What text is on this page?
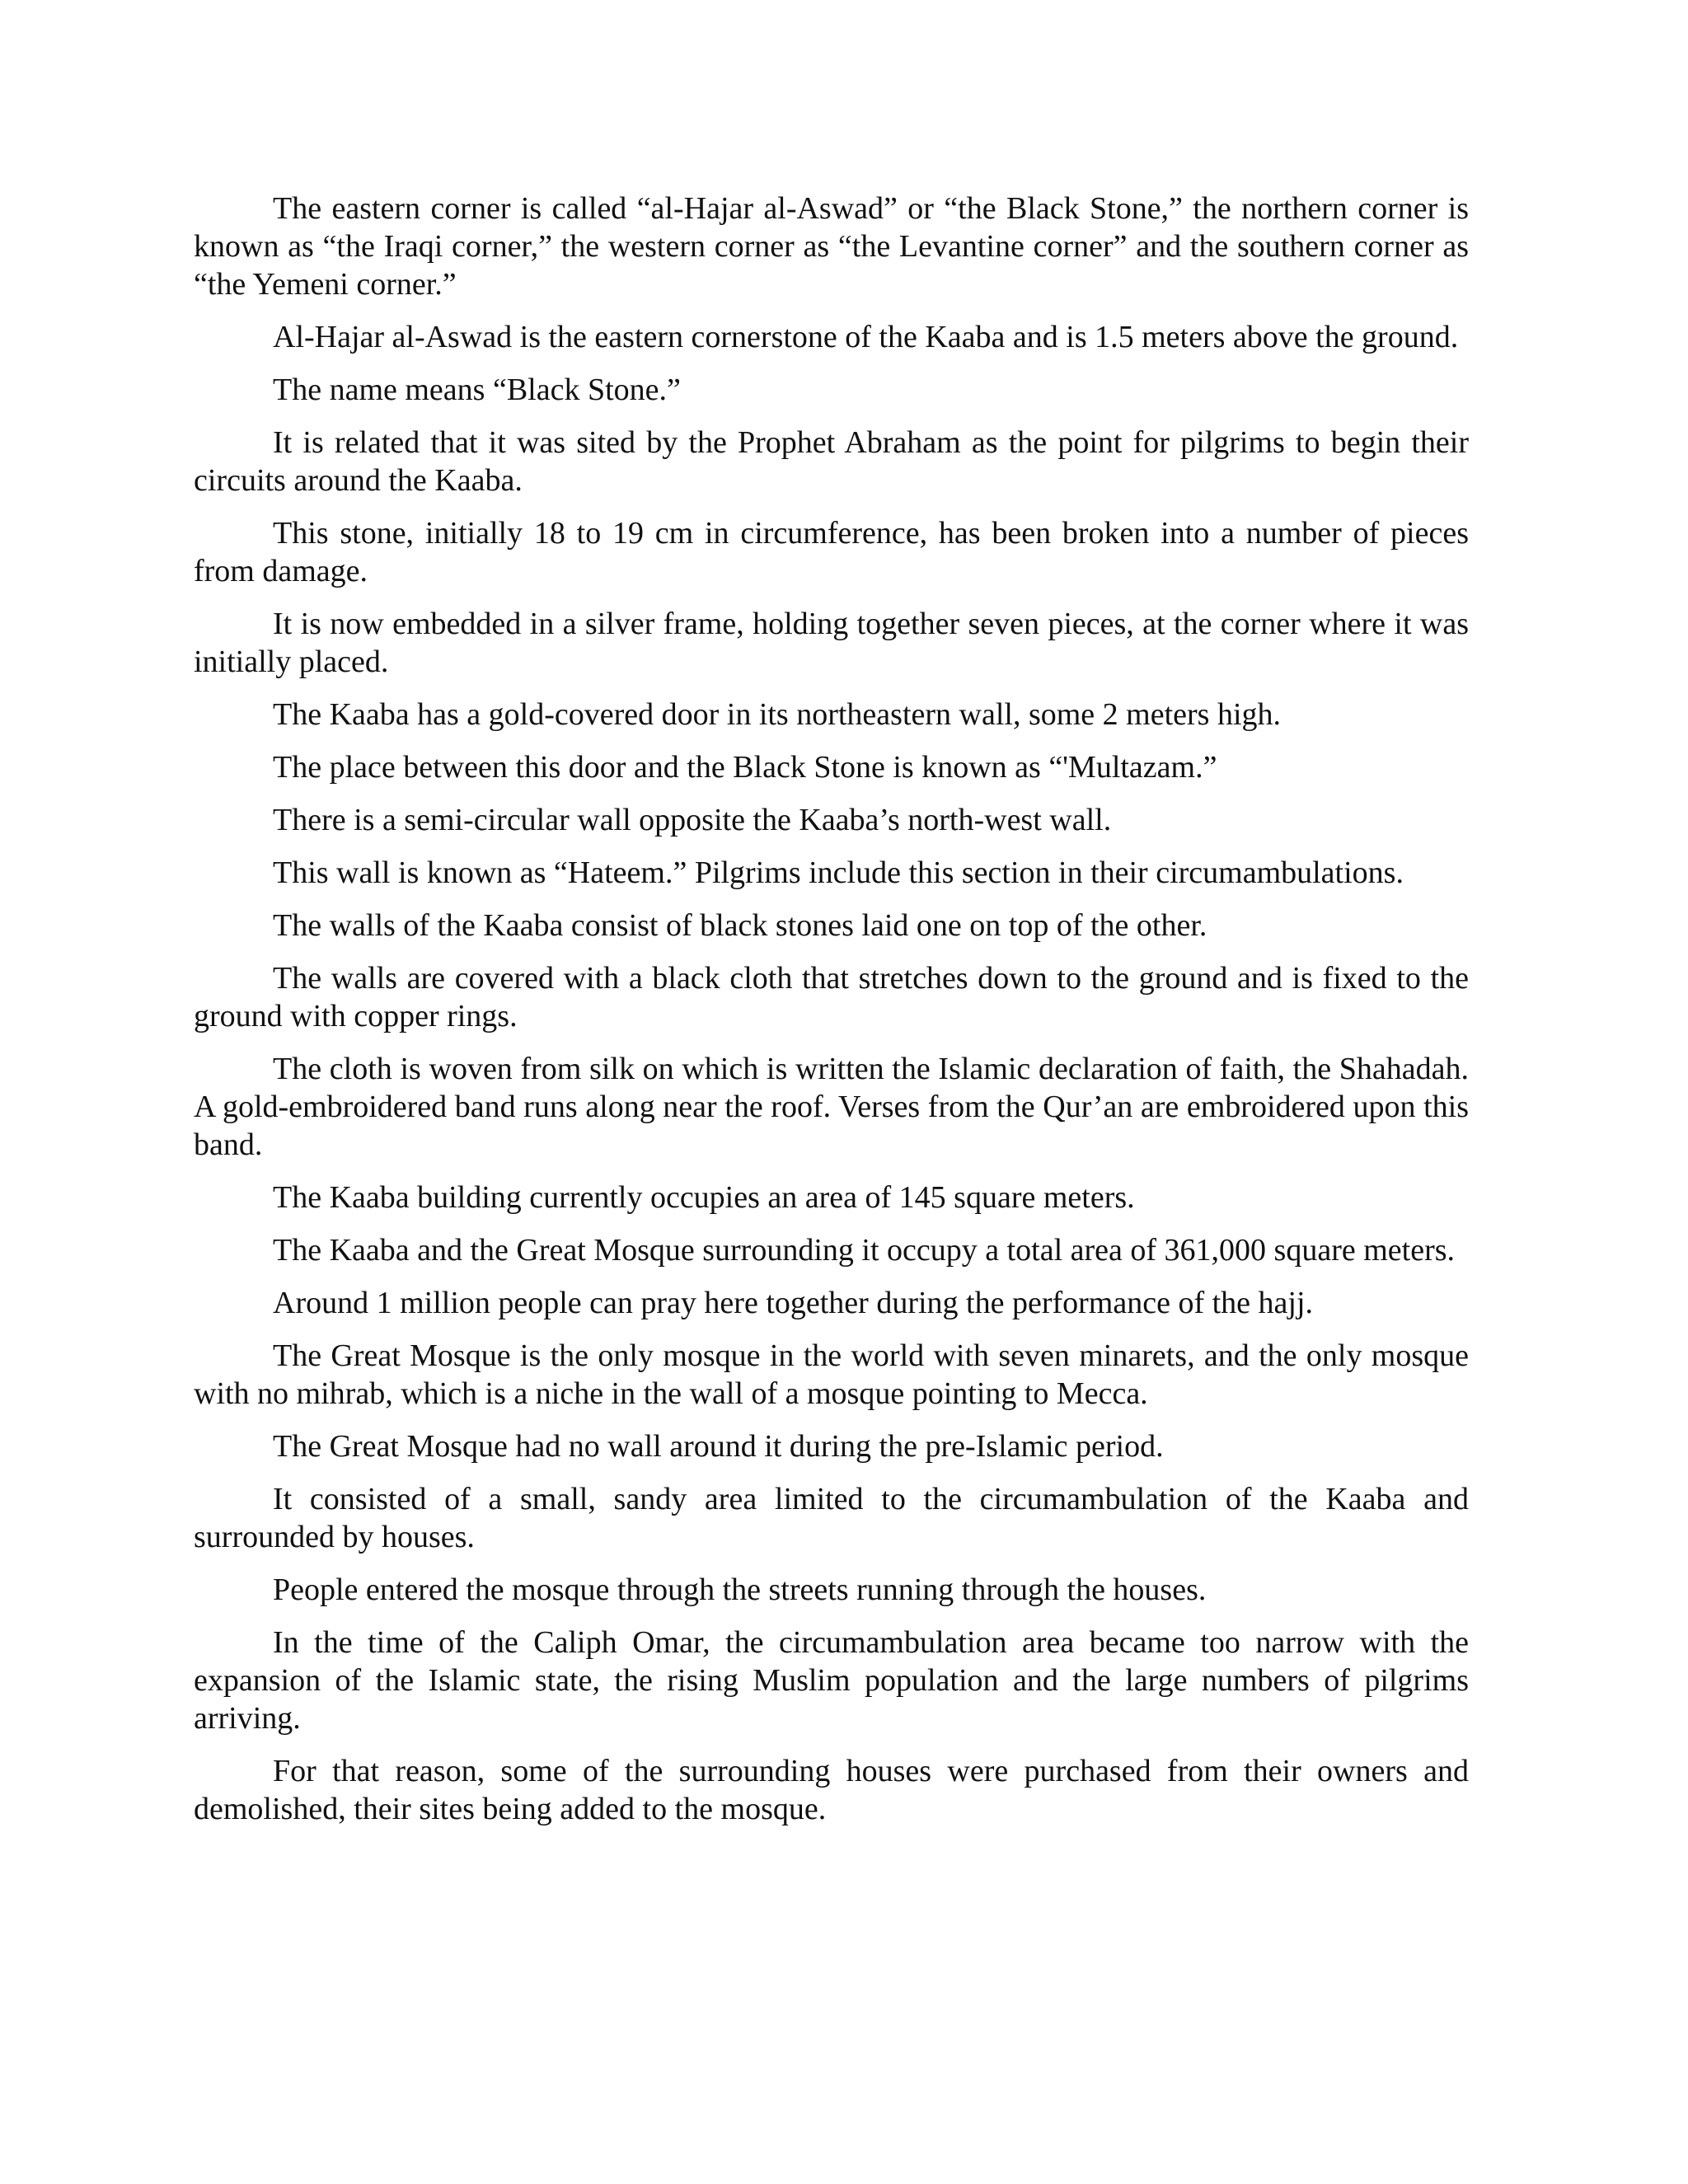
The eastern corner is called “al-Hajar al-Aswad” or “the Black Stone,” the northern corner is known as “the Iraqi corner,” the western corner as “the Levantine corner” and the southern corner as “the Yemeni corner.”

Al-Hajar al-Aswad is the eastern cornerstone of the Kaaba and is 1.5 meters above the ground.

The name means “Black Stone.”

It is related that it was sited by the Prophet Abraham as the point for pilgrims to begin their circuits around the Kaaba.

This stone, initially 18 to 19 cm in circumference, has been broken into a number of pieces from damage.

It is now embedded in a silver frame, holding together seven pieces, at the corner where it was initially placed.

The Kaaba has a gold-covered door in its northeastern wall, some 2 meters high.

The place between this door and the Black Stone is known as “'Multazam.”

There is a semi-circular wall opposite the Kaaba’s north-west wall.

This wall is known as “Hateem.” Pilgrims include this section in their circumambulations.

The walls of the Kaaba consist of black stones laid one on top of the other.

The walls are covered with a black cloth that stretches down to the ground and is fixed to the ground with copper rings.

The cloth is woven from silk on which is written the Islamic declaration of faith, the Shahadah. A gold-embroidered band runs along near the roof. Verses from the Qur’an are embroidered upon this band.

The Kaaba building currently occupies an area of 145 square meters.

The Kaaba and the Great Mosque surrounding it occupy a total area of 361,000 square meters.

Around 1 million people can pray here together during the performance of the hajj.

The Great Mosque is the only mosque in the world with seven minarets, and the only mosque with no mihrab, which is a niche in the wall of a mosque pointing to Mecca.

The Great Mosque had no wall around it during the pre-Islamic period.

It consisted of a small, sandy area limited to the circumambulation of the Kaaba and surrounded by houses.

People entered the mosque through the streets running through the houses.

In the time of the Caliph Omar, the circumambulation area became too narrow with the expansion of the Islamic state, the rising Muslim population and the large numbers of pilgrims arriving.

For that reason, some of the surrounding houses were purchased from their owners and demolished, their sites being added to the mosque.
